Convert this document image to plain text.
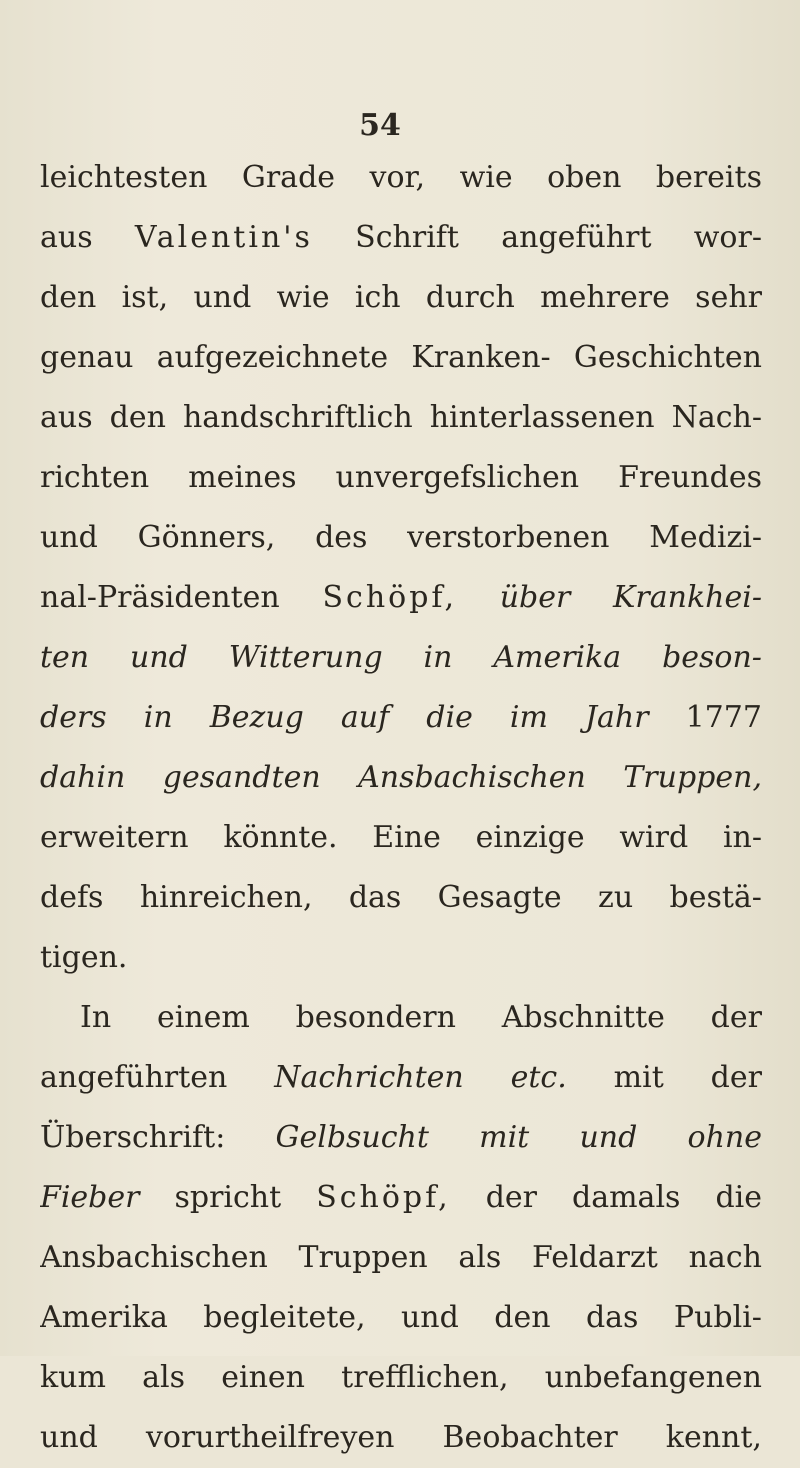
54
leichtesten Grade vor, wie oben bereits
aus Valentin's Schrift angeführt wor-
den ist, und wie ich durch mehrere sehr
genau aufgezeichnete Kranken- Geschichten
aus den handschriftlich hinterlassenen Nach-
richten meines unvergefslichen Freundes
und Gönners, des verstorbenen Medizi-
nal-Präsidenten Schöpf, über Krankhei-
ten und Witterung in Amerika beson-
ders in Bezug auf die im Jahr 1777
dahin gesandten Ansbachischen Truppen,
erweitern könnte. Eine einzige wird in-
defs hinreichen, das Gesagte zu bestä-
tigen.
In einem besondern Abschnitte der
angeführten Nachrichten etc. mit der
Überschrift: Gelbsucht mit und ohne
Fieber spricht Schöpf, der damals die
Ansbachischen Truppen als Feldarzt nach
Amerika begleitete, und den das Publi-
kum als einen trefflichen, unbefangenen
und vorurtheilfreyen Beobachter kennt,
